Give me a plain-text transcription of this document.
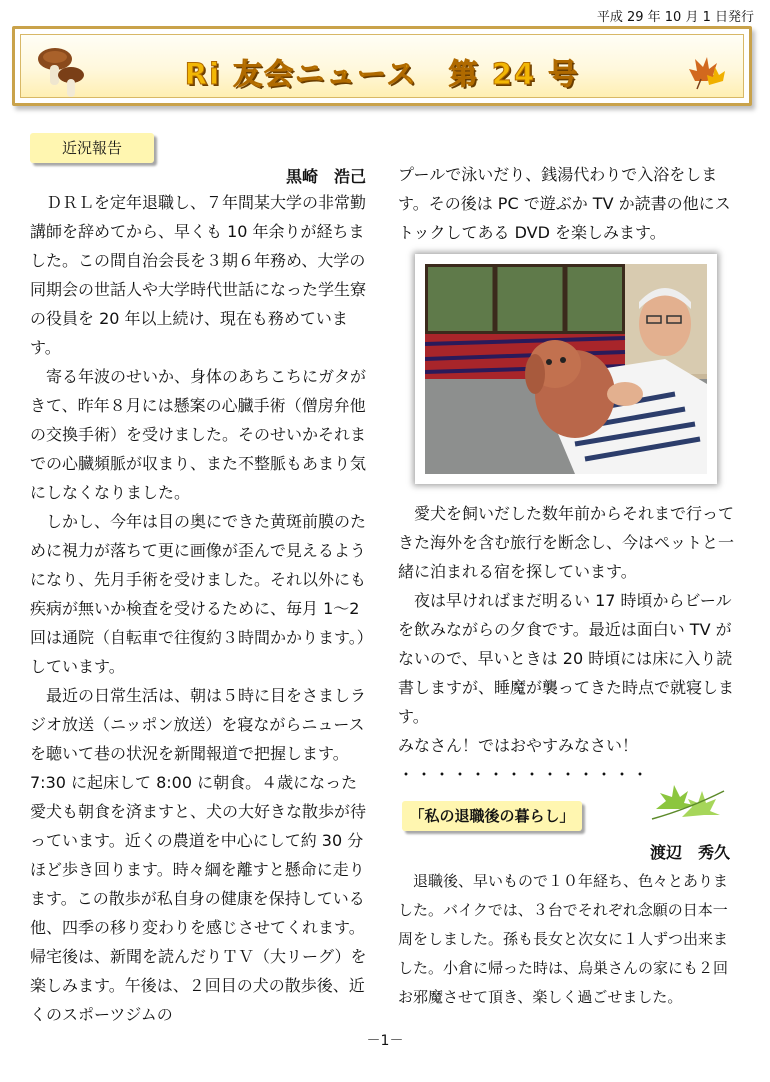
平成 29 年 10 月 1 日発行
Ri 友会ニュース　第 24 号
近況報告
黒崎　浩己

ＤＲＬを定年退職し、７年間某大学の非常勤講師を辞めてから、早くも 10 年余りが経ちました。この間自治会長を３期６年務め、大学の同期会の世話人や大学時代世話になった学生寮の役員を 20 年以上続け、現在も務めています。

寄る年波のせいか、身体のあちこちにガタがきて、昨年８月には懸案の心臓手術（僧房弁他の交換手術）を受けました。そのせいかそれまでの心臓頻脈が収まり、また不整脈もあまり気にしなくなりました。

しかし、今年は目の奥にできた黄斑前膜のために視力が落ちて更に画像が歪んで見えるようになり、先月手術を受けました。それ以外にも疾病が無いか検査を受けるために、毎月 1～2 回は通院（自転車で往復約３時間かかります。）しています。

最近の日常生活は、朝は５時に目をさましラジオ放送（ニッポン放送）を寝ながらニュースを聴いて巷の状況を新聞報道で把握します。7:30 に起床して 8:00 に朝食。４歳になった愛犬も朝食を済ますと、犬の大好きな散歩が待っています。近くの農道を中心にして約 30 分ほど歩き回ります。時々綱を離すと懸命に走ります。この散歩が私自身の健康を保持している他、四季の移り変わりを感じさせてくれます。帰宅後は、新聞を読んだりＴＶ（大リーグ）を楽しみます。午後は、２回目の犬の散歩後、近くのスポーツジムの

プールで泳いだり、銭湯代わりで入浴をします。その後は PC で遊ぶか TV か読書の他にストックしてある DVD を楽しみます。

愛犬を飼いだした数年前からそれまで行ってきた海外を含む旅行を断念し、今はペットと一緒に泊まれる宿を探しています。

夜は早ければまだ明るい 17 時頃からビールを飲みながらの夕食です。最近は面白い TV がないので、早いときは 20 時頃には床に入り読書しますが、睡魔が襲ってきた時点で就寝します。

みなさん！ではおやすみなさい！

・・・・・・・・・・・・・・

「私の退職後の暮らし」
渡辺　秀久

退職後、早いもので１０年経ち、色々とありました。バイクでは、３台でそれぞれ念願の日本一周をしました。孫も長女と次女に１人ずつ出来ました。小倉に帰った時は、烏巣さんの家にも２回お邪魔させて頂き、楽しく過ごせました。

－1－
